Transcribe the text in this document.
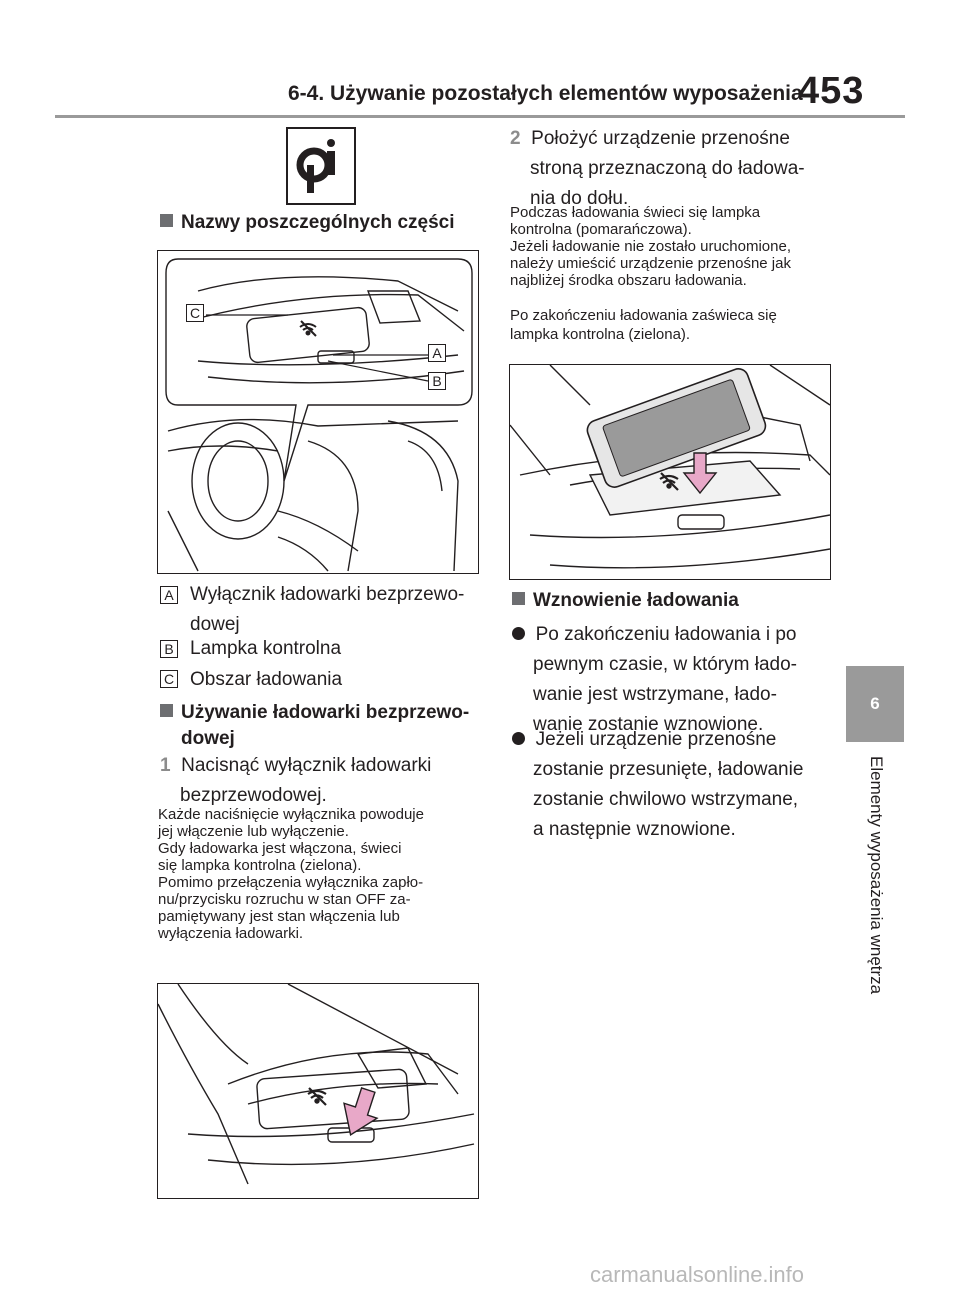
6-4. Używanie pozostałych elementów wyposażenia
453
6
Elementy wyposażenia wnętrza
Nazwy poszczególnych części
C
A
B
A Wyłącznik ładowarki bezprzewo-
dowej
B Lampka kontrolna
C Obszar ładowania
Używanie ładowarki bezprzewo-
dowej
1 Nacisnąć wyłącznik ładowarki
bezprzewodowej.
Każde naciśnięcie wyłącznika powoduje
jej włączenie lub wyłączenie.
Gdy ładowarka jest włączona, świeci
się lampka kontrolna (zielona).
Pomimo przełączenia wyłącznika zapło-
nu/przycisku rozruchu w stan OFF za-
pamiętywany jest stan włączenia lub
wyłączenia ładowarki.
2 Położyć urządzenie przenośne
stroną przeznaczoną do ładowa-
nia do dołu.
Podczas ładowania świeci się lampka
kontrolna (pomarańczowa).
Jeżeli ładowanie nie zostało uruchomione,
należy umieścić urządzenie przenośne jak
najbliżej środka obszaru ładowania.
Po zakończeniu ładowania zaświeca się
lampka kontrolna (zielona).
Wznowienie ładowania
Po zakończeniu ładowania i po
pewnym czasie, w którym łado-
wanie jest wstrzymane, łado-
wanie zostanie wznowione.
Jeżeli urządzenie przenośne
zostanie przesunięte, ładowanie
zostanie chwilowo wstrzymane,
a następnie wznowione.
carmanualsonline.info
